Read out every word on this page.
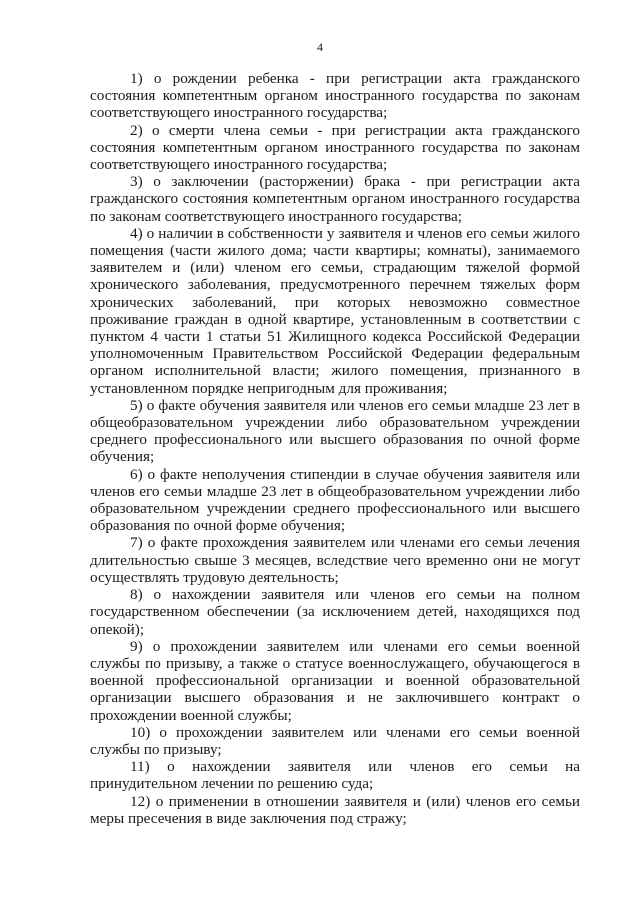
4

1) о рождении ребенка - при регистрации акта гражданского состояния компетентным органом иностранного государства по законам соответствующего иностранного государства;

2) о смерти члена семьи - при регистрации акта гражданского состояния компетентным органом иностранного государства по законам соответствующего иностранного государства;

3) о заключении (расторжении) брака - при регистрации акта гражданского состояния компетентным органом иностранного государства по законам соответствующего иностранного государства;

4) о наличии в собственности у заявителя и членов его семьи жилого помещения (части жилого дома; части квартиры; комнаты), занимаемого заявителем и (или) членом его семьи, страдающим тяжелой формой хронического заболевания, предусмотренного перечнем тяжелых форм хронических заболеваний, при которых невозможно совместное проживание граждан в одной квартире, установленным в соответствии с пунктом 4 части 1 статьи 51 Жилищного кодекса Российской Федерации уполномоченным Правительством Российской Федерации федеральным органом исполнительной власти; жилого помещения, признанного в установленном порядке непригодным для проживания;

5) о факте обучения заявителя или членов его семьи младше 23 лет в общеобразовательном учреждении либо образовательном учреждении среднего профессионального или высшего образования по очной форме обучения;

6) о факте неполучения стипендии в случае обучения заявителя или членов его семьи младше 23 лет в общеобразовательном учреждении либо образовательном учреждении среднего профессионального или высшего образования по очной форме обучения;

7) о факте прохождения заявителем или членами его семьи лечения длительностью свыше 3 месяцев, вследствие чего временно они не могут осуществлять трудовую деятельность;

8) о нахождении заявителя или членов его семьи на полном государственном обеспечении (за исключением детей, находящихся под опекой);

9) о прохождении заявителем или членами его семьи военной службы по призыву, а также о статусе военнослужащего, обучающегося в военной профессиональной организации и военной образовательной организации высшего образования и не заключившего контракт о прохождении военной службы;

10) о прохождении заявителем или членами его семьи военной службы по призыву;

11) о нахождении заявителя или членов его семьи на принудительном лечении по решению суда;

12) о применении в отношении заявителя и (или) членов его семьи меры пресечения в виде заключения под стражу;
